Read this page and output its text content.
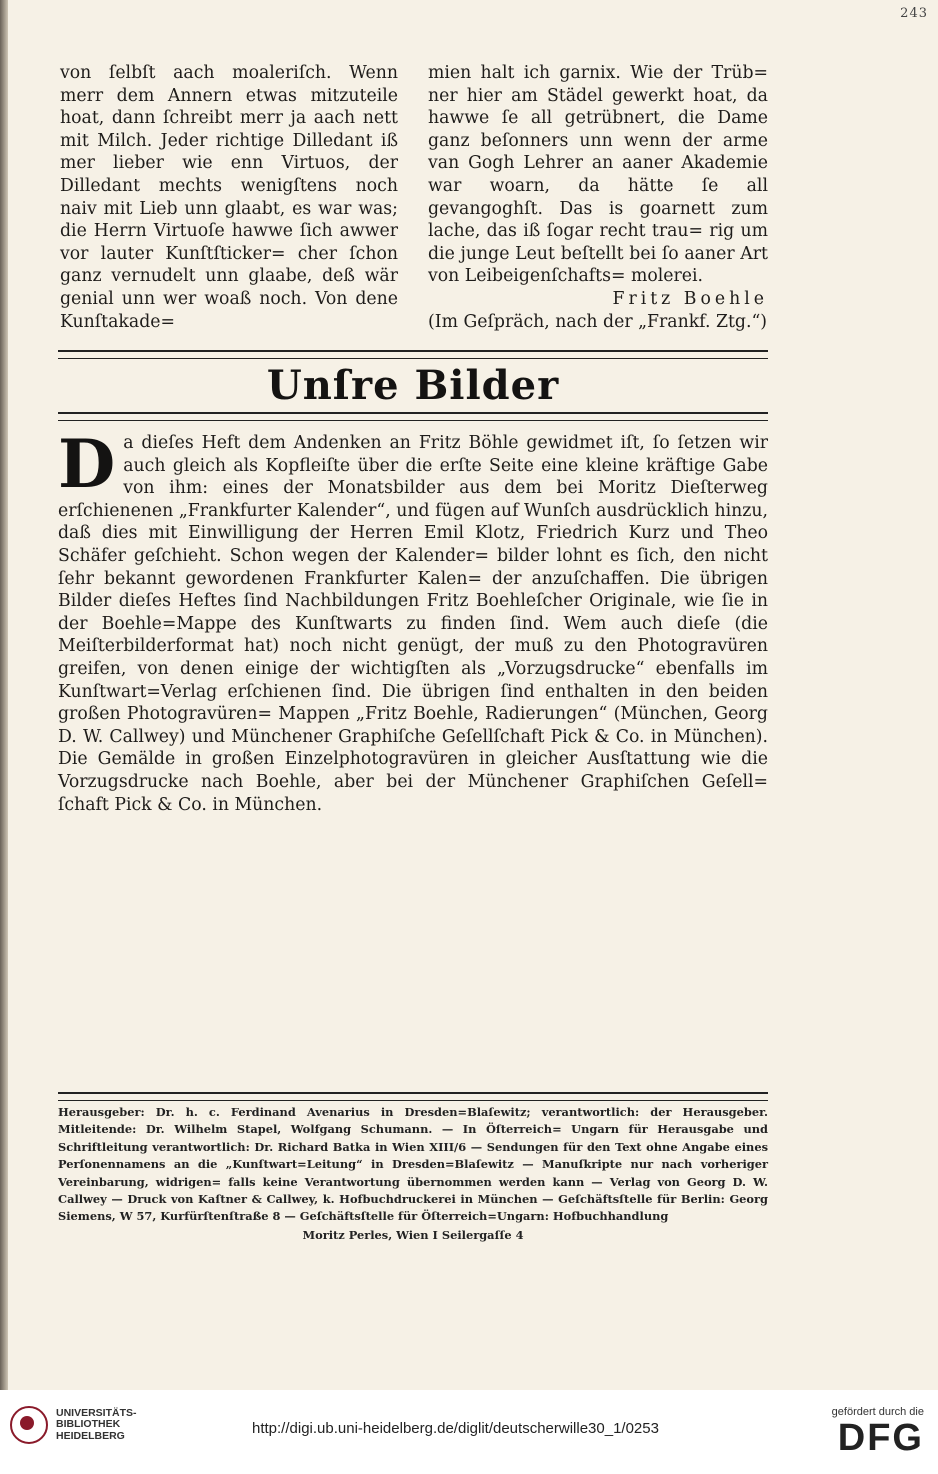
243

von ſelbſt aach moaleriſch. Wenn merr dem Annern etwas mitzuteile hoat, dann ſchreibt merr ja aach nett mit Milch. Jeder richtige Dilledant iß mer lieber wie enn Virtuos, der Dilledant mechts wenigſtens noch naiv mit Lieb unn glaabt, es war was; die Herrn Virtuoſe hawwe ſich awwer vor lauter Kunſtſticker= cher ſchon ganz vernudelt unn glaabe, deß wär genial unn wer woaß noch. Von dene Kunſtakade=

mien halt ich garnix. Wie der Trüb= ner hier am Städel gewerkt hoat, da hawwe ſe all getrübnert, die Dame ganz beſonners unn wenn der arme van Gogh Lehrer an aaner Akademie war woarn, da hätte ſe all gevangoghſt. Das is goarnett zum lache, das iß ſogar recht trau= rig um die junge Leut beſtellt bei ſo aaner Art von Leibeigenſchafts= molerei.

Fritz Boehle

(Im Geſpräch, nach der „Frankf. Ztg.“)

Unſre Bilder

Da dieſes Heft dem Andenken an Fritz Böhle gewidmet iſt, ſo ſetzen wir auch gleich als Kopfleiſte über die erſte Seite eine kleine kräftige Gabe von ihm: eines der Monatsbilder aus dem bei Moritz Dieſterweg erſchienenen „Frankfurter Kalender“, und fügen auf Wunſch ausdrücklich hinzu, daß dies mit Einwilligung der Herren Emil Klotz, Friedrich Kurz und Theo Schäfer geſchieht. Schon wegen der Kalender= bilder lohnt es ſich, den nicht ſehr bekannt gewordenen Frankfurter Kalen= der anzuſchaffen. Die übrigen Bilder dieſes Heftes ſind Nachbildungen Fritz Boehleſcher Originale, wie ſie in der Boehle=Mappe des Kunſtwarts zu finden ſind. Wem auch dieſe (die Meiſterbilderformat hat) noch nicht genügt, der muß zu den Photogravüren greifen, von denen einige der wichtigſten als „Vorzugsdrucke“ ebenfalls im Kunſtwart=Verlag erſchienen ſind. Die übrigen ſind enthalten in den beiden großen Photogravüren= Mappen „Fritz Boehle, Radierungen“ (München, Georg D. W. Callwey) und Münchener Graphiſche Geſellſchaft Pick & Co. in München). Die Gemälde in großen Einzelphotogravüren in gleicher Ausſtattung wie die Vorzugsdrucke nach Boehle, aber bei der Münchener Graphiſchen Geſell= ſchaft Pick & Co. in München.

Herausgeber: Dr. h. c. Ferdinand Avenarius in Dresden=Blaſewitz; verantwortlich: der Herausgeber. Mitleitende: Dr. Wilhelm Stapel, Wolfgang Schumann. — In Öſterreich= Ungarn für Herausgabe und Schriftleitung verantwortlich: Dr. Richard Batka in Wien XIII/6 — Sendungen für den Text ohne Angabe eines Perſonennamens an die „Kunſtwart=Leitung“ in Dresden=Blaſewitz — Manuſkripte nur nach vorheriger Vereinbarung, widrigen= falls keine Verantwortung übernommen werden kann — Verlag von Georg D. W. Callwey — Druck von Kaſtner & Callwey, k. Hofbuchdruckerei in München — Geſchäftsſtelle für Berlin: Georg Siemens, W 57, Kurfürſtenſtraße 8 — Geſchäftsſtelle für Öſterreich=Ungarn: Hofbuchhandlung

Moritz Perles, Wien I Seilergaſſe 4

UNIVERSITÄTS-
BIBLIOTHEK
HEIDELBERG	http://digi.ub.uni-heidelberg.de/diglit/deutscherwille30_1/0253
gefördert durch die
DFG
